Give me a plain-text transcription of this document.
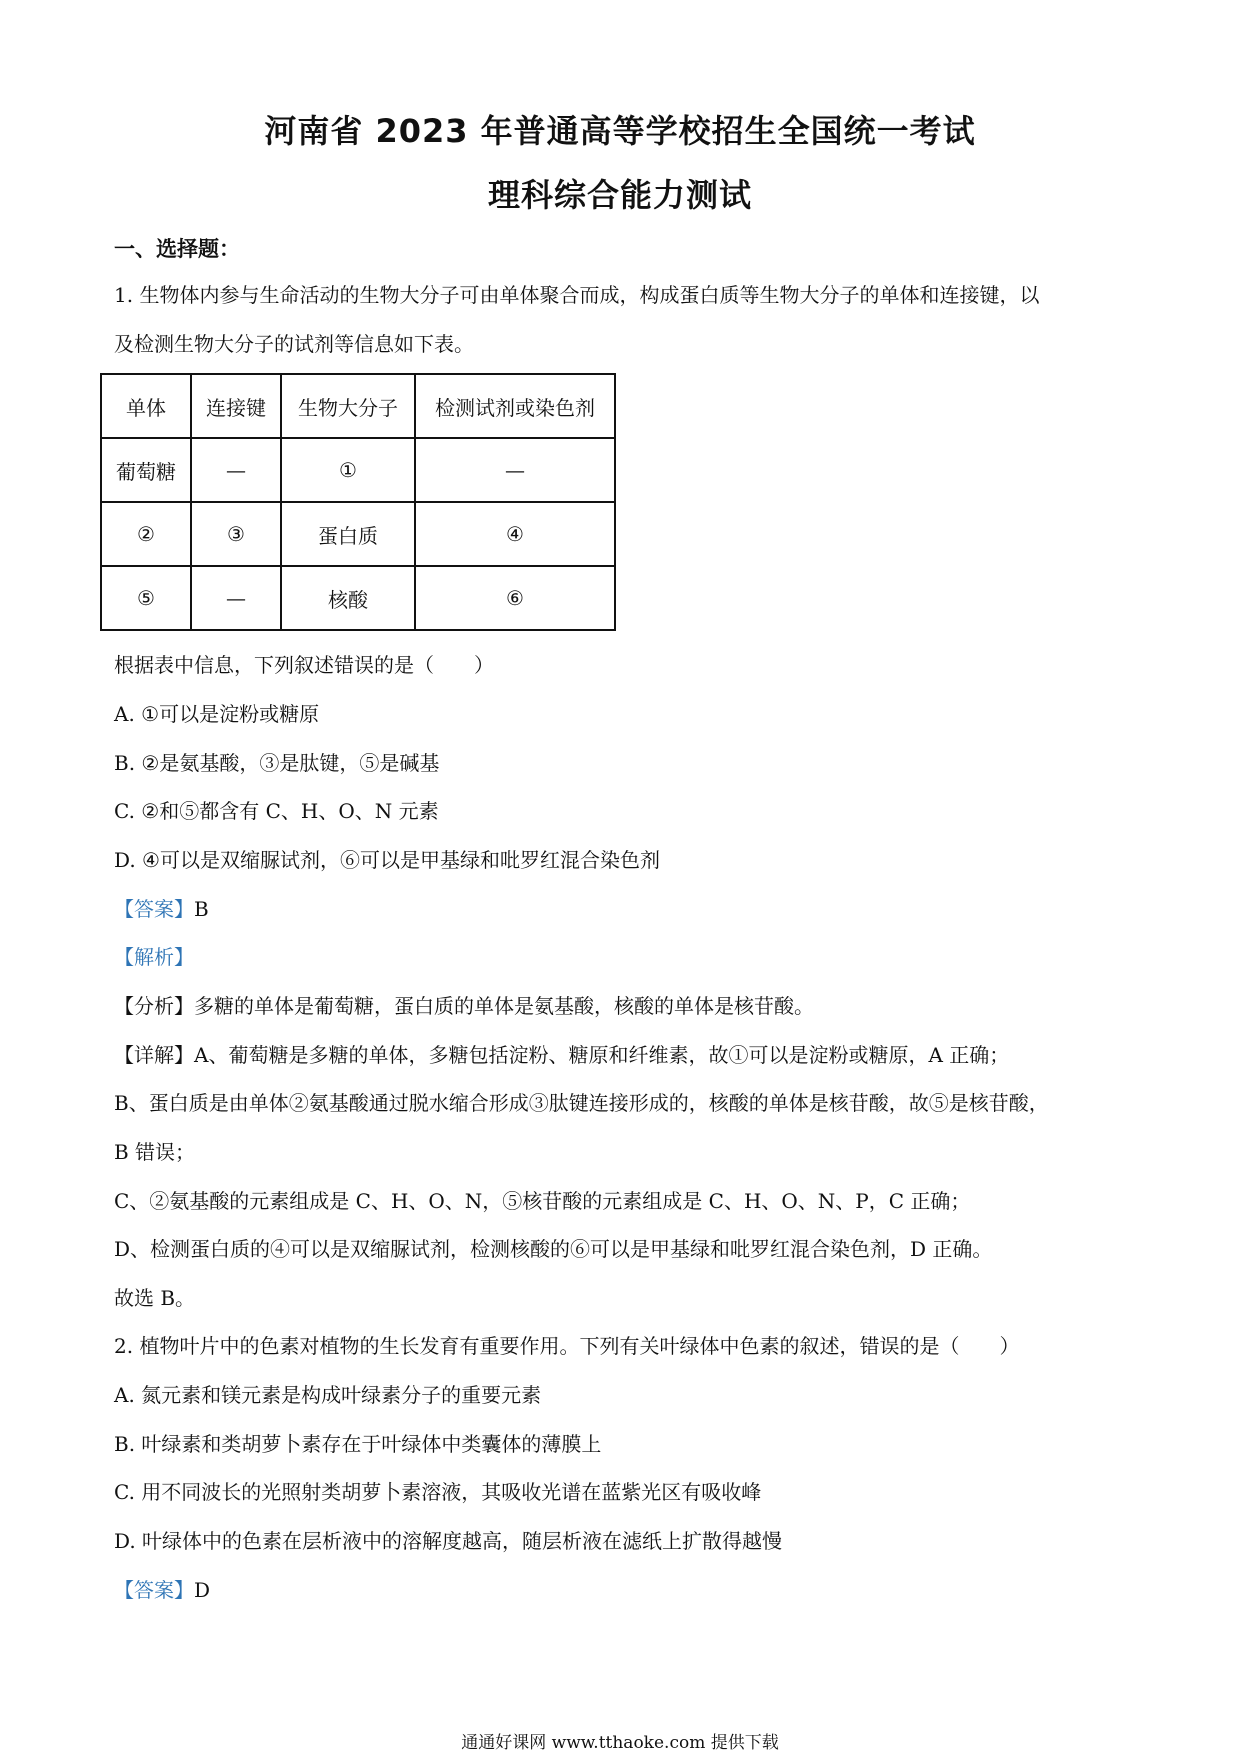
河南省 2023 年普通高等学校招生全国统一考试
理科综合能力测试
一、选择题：
1. 生物体内参与生命活动的生物大分子可由单体聚合而成，构成蛋白质等生物大分子的单体和连接键，以
及检测生物大分子的试剂等信息如下表。
单体	连接键	生物大分子	检测试剂或染色剂
葡萄糖	—	①	—
②	③	蛋白质	④
⑤	—	核酸	⑥
根据表中信息，下列叙述错误的是（　　）
A. ①可以是淀粉或糖原
B. ②是氨基酸，③是肽键，⑤是碱基
C. ②和⑤都含有 C、H、O、N 元素
D. ④可以是双缩脲试剂，⑥可以是甲基绿和吡罗红混合染色剂
【答案】B
【解析】
【分析】多糖的单体是葡萄糖，蛋白质的单体是氨基酸，核酸的单体是核苷酸。
【详解】A、葡萄糖是多糖的单体，多糖包括淀粉、糖原和纤维素，故①可以是淀粉或糖原，A 正确；
B、蛋白质是由单体②氨基酸通过脱水缩合形成③肽键连接形成的，核酸的单体是核苷酸，故⑤是核苷酸，
B 错误；
C、②氨基酸的元素组成是 C、H、O、N，⑤核苷酸的元素组成是 C、H、O、N、P，C 正确；
D、检测蛋白质的④可以是双缩脲试剂，检测核酸的⑥可以是甲基绿和吡罗红混合染色剂，D 正确。
故选 B。
2. 植物叶片中的色素对植物的生长发育有重要作用。下列有关叶绿体中色素的叙述，错误的是（　　）
A. 氮元素和镁元素是构成叶绿素分子的重要元素
B. 叶绿素和类胡萝卜素存在于叶绿体中类囊体的薄膜上
C. 用不同波长的光照射类胡萝卜素溶液，其吸收光谱在蓝紫光区有吸收峰
D. 叶绿体中的色素在层析液中的溶解度越高，随层析液在滤纸上扩散得越慢
【答案】D
通通好课网 www.tthaoke.com 提供下载
